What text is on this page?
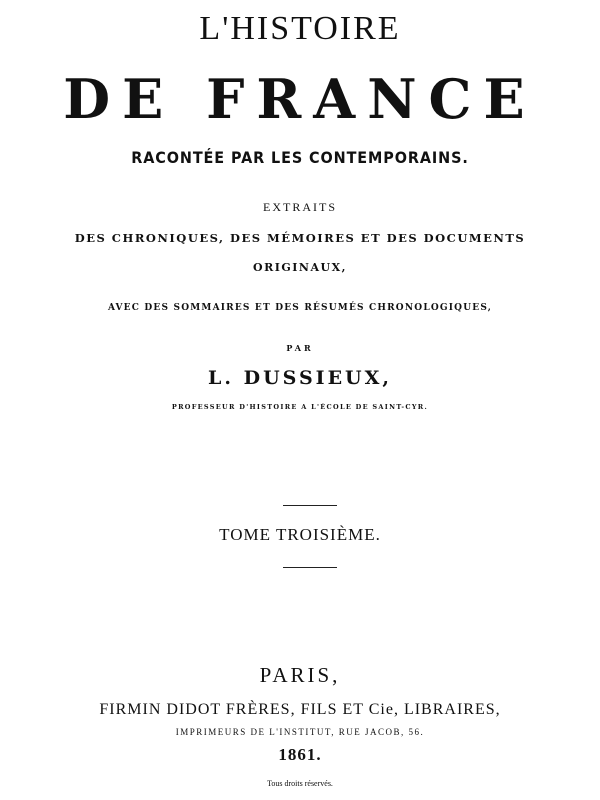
L'HISTOIRE
DE FRANCE
RACONTÉE PAR LES CONTEMPORAINS.
EXTRAITS
DES CHRONIQUES, DES MÉMOIRES ET DES DOCUMENTS
ORIGINAUX,
AVEC DES SOMMAIRES ET DES RÉSUMÉS CHRONOLOGIQUES,
PAR
L. DUSSIEUX,
PROFESSEUR D'HISTOIRE A L'ÉCOLE DE SAINT-CYR.
TOME TROISIÈME.
PARIS,
FIRMIN DIDOT FRÈRES, FILS ET Cie, LIBRAIRES,
IMPRIMEURS DE L'INSTITUT, RUE JACOB, 56.
1861.
Tous droits réservés.
